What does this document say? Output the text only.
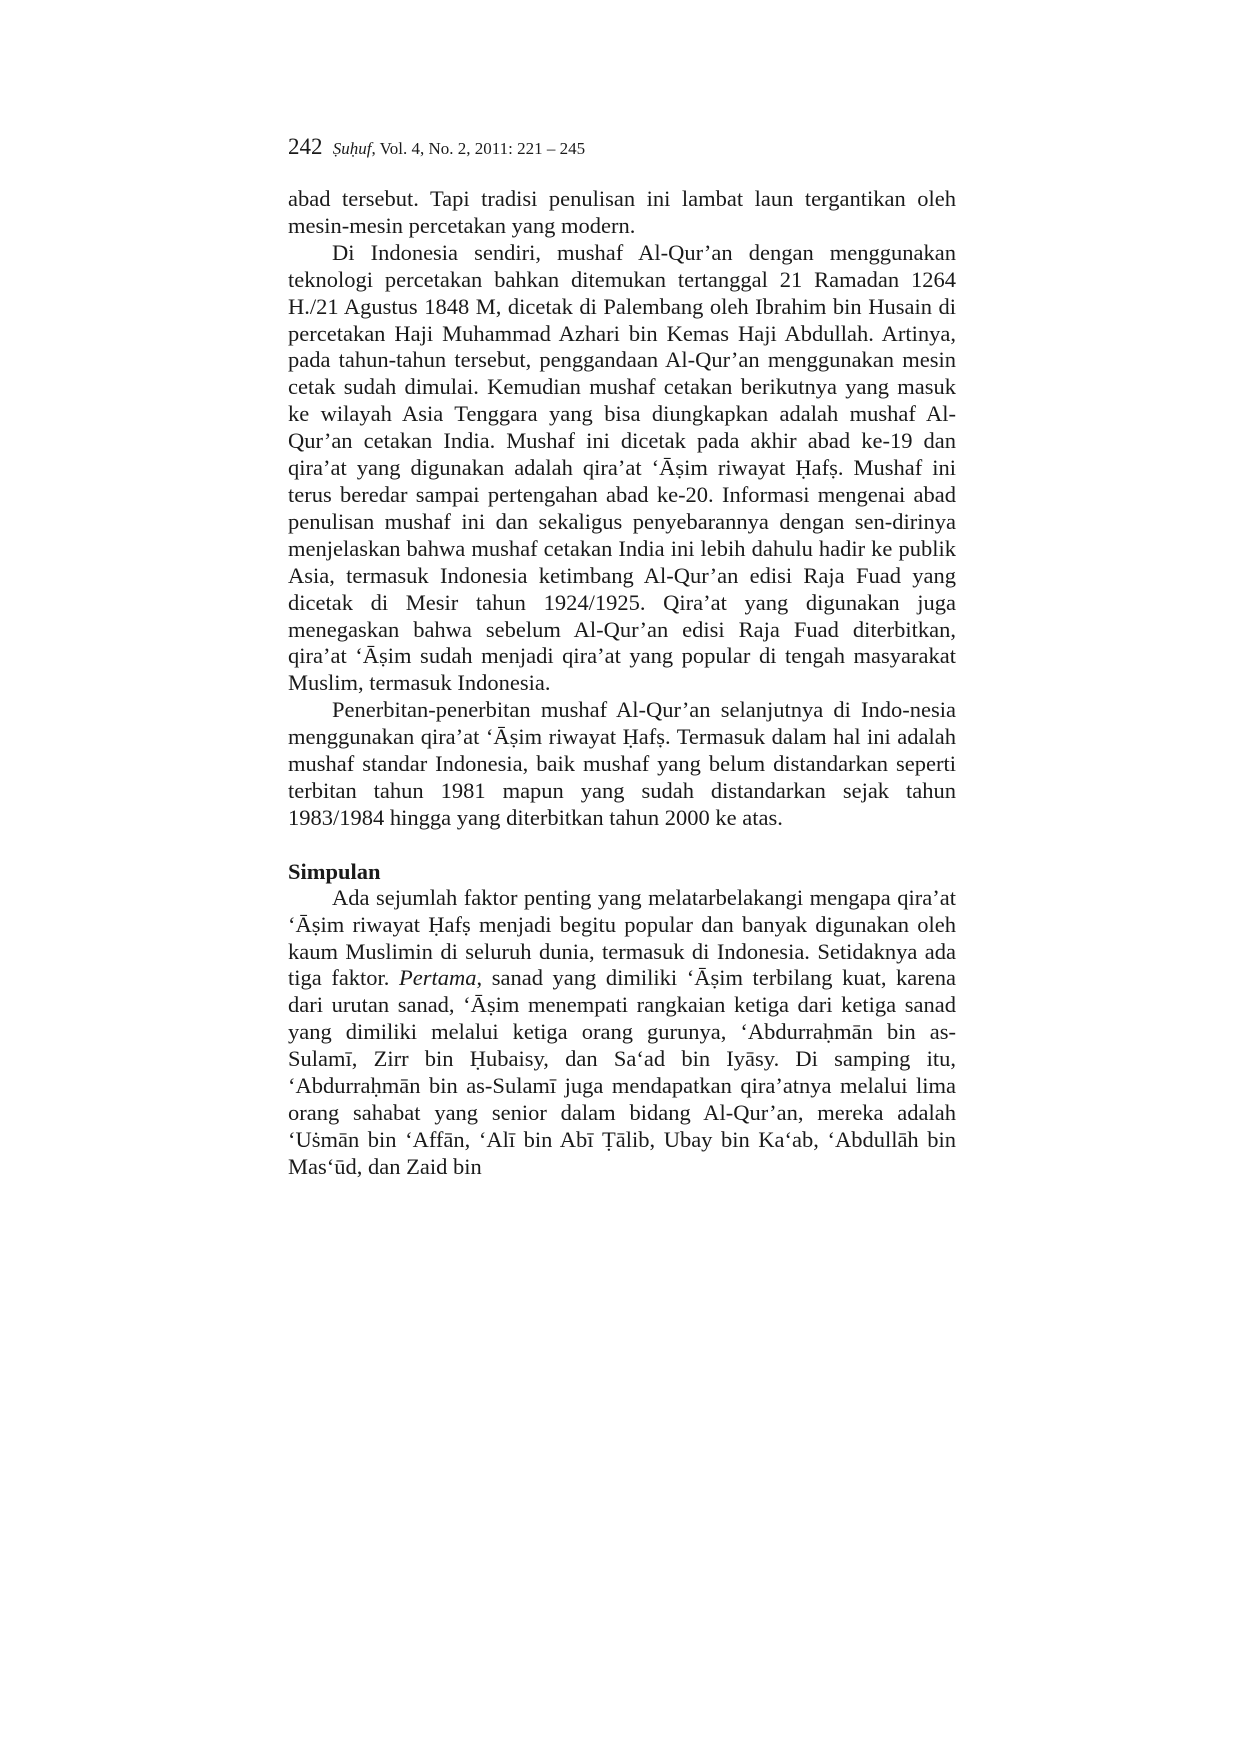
242 Ṣuḥuf, Vol. 4, No. 2, 2011: 221 – 245

abad tersebut. Tapi tradisi penulisan ini lambat laun tergantikan oleh mesin-mesin percetakan yang modern.

Di Indonesia sendiri, mushaf Al-Qur’an dengan menggunakan teknologi percetakan bahkan ditemukan tertanggal 21 Ramadan 1264 H./21 Agustus 1848 M, dicetak di Palembang oleh Ibrahim bin Husain di percetakan Haji Muhammad Azhari bin Kemas Haji Abdullah. Artinya, pada tahun-tahun tersebut, penggandaan Al-Qur’an menggunakan mesin cetak sudah dimulai. Kemudian mushaf cetakan berikutnya yang masuk ke wilayah Asia Tenggara yang bisa diungkapkan adalah mushaf Al-Qur’an cetakan India. Mushaf ini dicetak pada akhir abad ke-19 dan qira’at yang digunakan adalah qira’at ‘Āṣim riwayat Ḥafṣ. Mushaf ini terus beredar sampai pertengahan abad ke-20. Informasi mengenai abad penulisan mushaf ini dan sekaligus penyebarannya dengan sen-dirinya menjelaskan bahwa mushaf cetakan India ini lebih dahulu hadir ke publik Asia, termasuk Indonesia ketimbang Al-Qur’an edisi Raja Fuad yang dicetak di Mesir tahun 1924/1925. Qira’at yang digunakan juga menegaskan bahwa sebelum Al-Qur’an edisi Raja Fuad diterbitkan, qira’at ‘Āṣim sudah menjadi qira’at yang popular di tengah masyarakat Muslim, termasuk Indonesia.

Penerbitan-penerbitan mushaf Al-Qur’an selanjutnya di Indo-nesia menggunakan qira’at ‘Āṣim riwayat Ḥafṣ. Termasuk dalam hal ini adalah mushaf standar Indonesia, baik mushaf yang belum distandarkan seperti terbitan tahun 1981 mapun yang sudah distandarkan sejak tahun 1983/1984 hingga yang diterbitkan tahun 2000 ke atas.

Simpulan

Ada sejumlah faktor penting yang melatarbelakangi mengapa qira’at ‘Āṣim riwayat Ḥafṣ menjadi begitu popular dan banyak digunakan oleh kaum Muslimin di seluruh dunia, termasuk di Indonesia. Setidaknya ada tiga faktor. Pertama, sanad yang dimiliki ‘Āṣim terbilang kuat, karena dari urutan sanad, ‘Āṣim menempati rangkaian ketiga dari ketiga sanad yang dimiliki melalui ketiga orang gurunya, ‘Abdurraḥmān bin as-Sulamī, Zirr bin Ḥubaisy, dan Sa‘ad bin Iyāsy. Di samping itu, ‘Abdurraḥmān bin as-Sulamī juga mendapatkan qira’atnya melalui lima orang sahabat yang senior dalam bidang Al-Qur’an, mereka adalah ‘Uṡmān bin ‘Affān, ‘Alī bin Abī Ṭālib, Ubay bin Ka‘ab, ‘Abdullāh bin Mas‘ūd, dan Zaid bin
